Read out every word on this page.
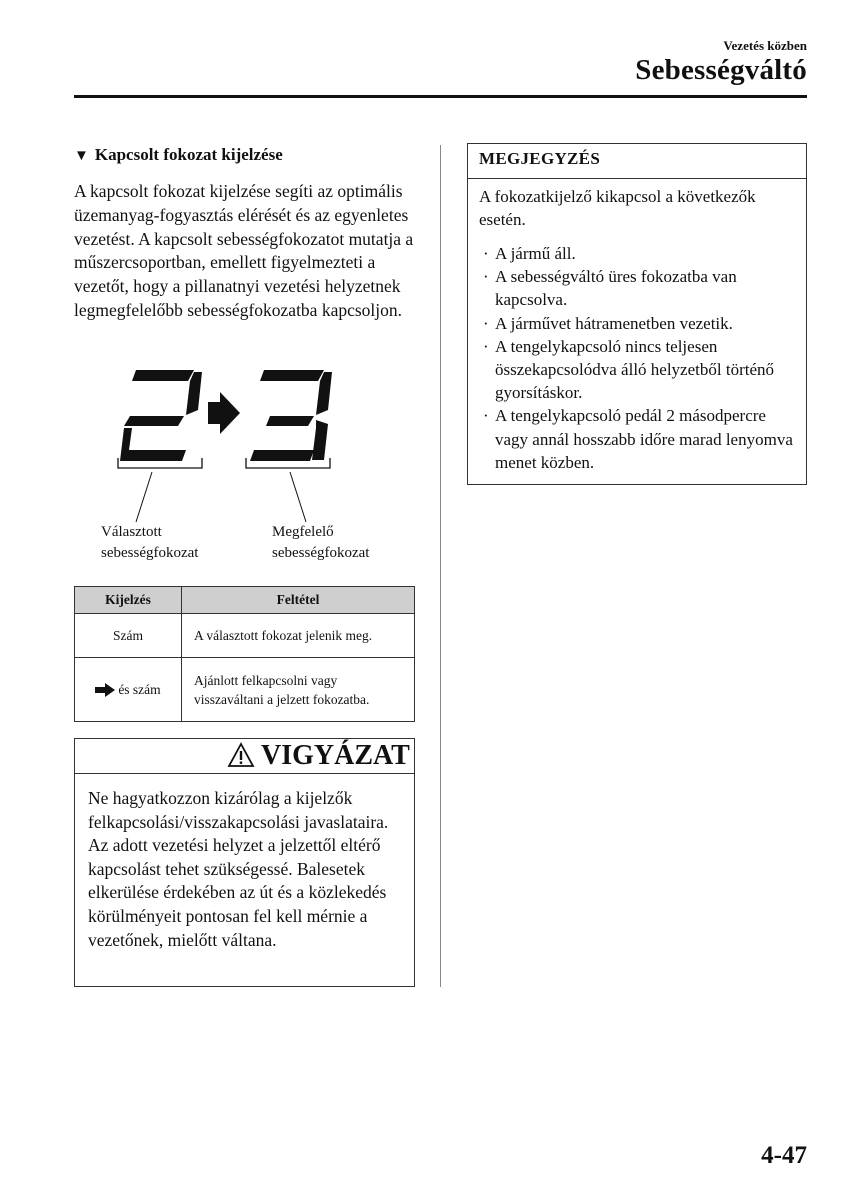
Vezetés közben
Sebességváltó
▼ Kapcsolt fokozat kijelzése
A kapcsolt fokozat kijelzése segíti az optimális üzemanyag-fogyasztás elérését és az egyenletes vezetést. A kapcsolt sebességfokozatot mutatja a műszercsoportban, emellett figyelmezteti a vezetőt, hogy a pillanatnyi vezetési helyzetnek legmegfelelőbb sebességfokozatba kapcsoljon.
Választott
sebességfokozat
Megfelelő
sebességfokozat
Kijelzés	Feltétel
Szám	A választott fokozat jelenik meg.
és szám	Ajánlott felkapcsolni vagy visszaváltani a jelzett fokozatba.
VIGYÁZAT
Ne hagyatkozzon kizárólag a kijelzők felkapcsolási/visszakapcsolási javaslataira. Az adott vezetési helyzet a jelzettől eltérő kapcsolást tehet szükségessé. Balesetek elkerülése érdekében az út és a közlekedés körülményeit pontosan fel kell mérnie a vezetőnek, mielőtt váltana.
MEGJEGYZÉS
A fokozatkijelző kikapcsol a következők esetén.
· A jármű áll.
· A sebességváltó üres fokozatba van kapcsolva.
· A járművet hátramenetben vezetik.
· A tengelykapcsoló nincs teljesen összekapcsolódva álló helyzetből történő gyorsításkor.
· A tengelykapcsoló pedál 2 másodpercre vagy annál hosszabb időre marad lenyomva menet közben.
4-47
